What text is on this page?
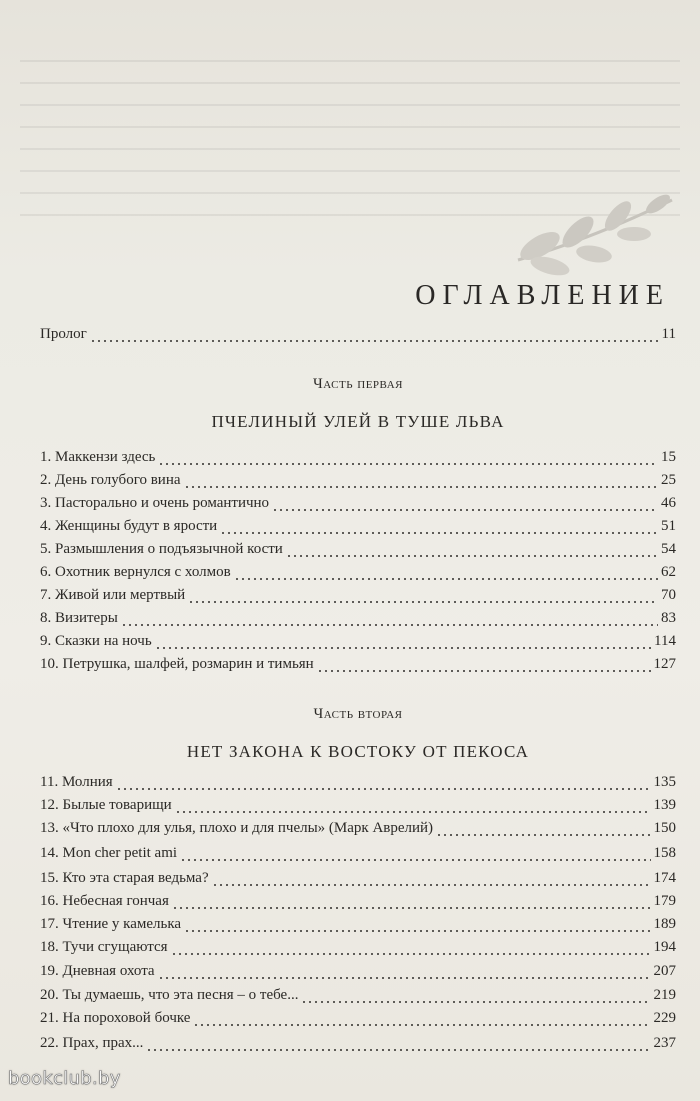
ОГЛАВЛЕНИЕ
Пролог	11
Часть первая
ПЧЕЛИНЫЙ УЛЕЙ В ТУШЕ ЛЬВА
1. Маккензи здесь	15
2. День голубого вина	25
3. Пасторально и очень романтично	46
4. Женщины будут в ярости	51
5. Размышления о подъязычной кости	54
6. Охотник вернулся с холмов	62
7. Живой или мертвый	70
8. Визитеры	83
9. Сказки на ночь	114
10. Петрушка, шалфей, розмарин и тимьян	127
Часть вторая
НЕТ ЗАКОНА К ВОСТОКУ ОТ ПЕКОСА
11. Молния	135
12. Былые товарищи	139
13. «Что плохо для улья, плохо и для пчелы» (Марк Аврелий)	150
14. Mon cher petit ami	158
15. Кто эта старая ведьма?	174
16. Небесная гончая	179
17. Чтение у камелька	189
18. Тучи сгущаются	194
19. Дневная охота	207
20. Ты думаешь, что эта песня – о тебе...	219
21. На пороховой бочке	229
22. Прах, прах...	237
bookclub.by
